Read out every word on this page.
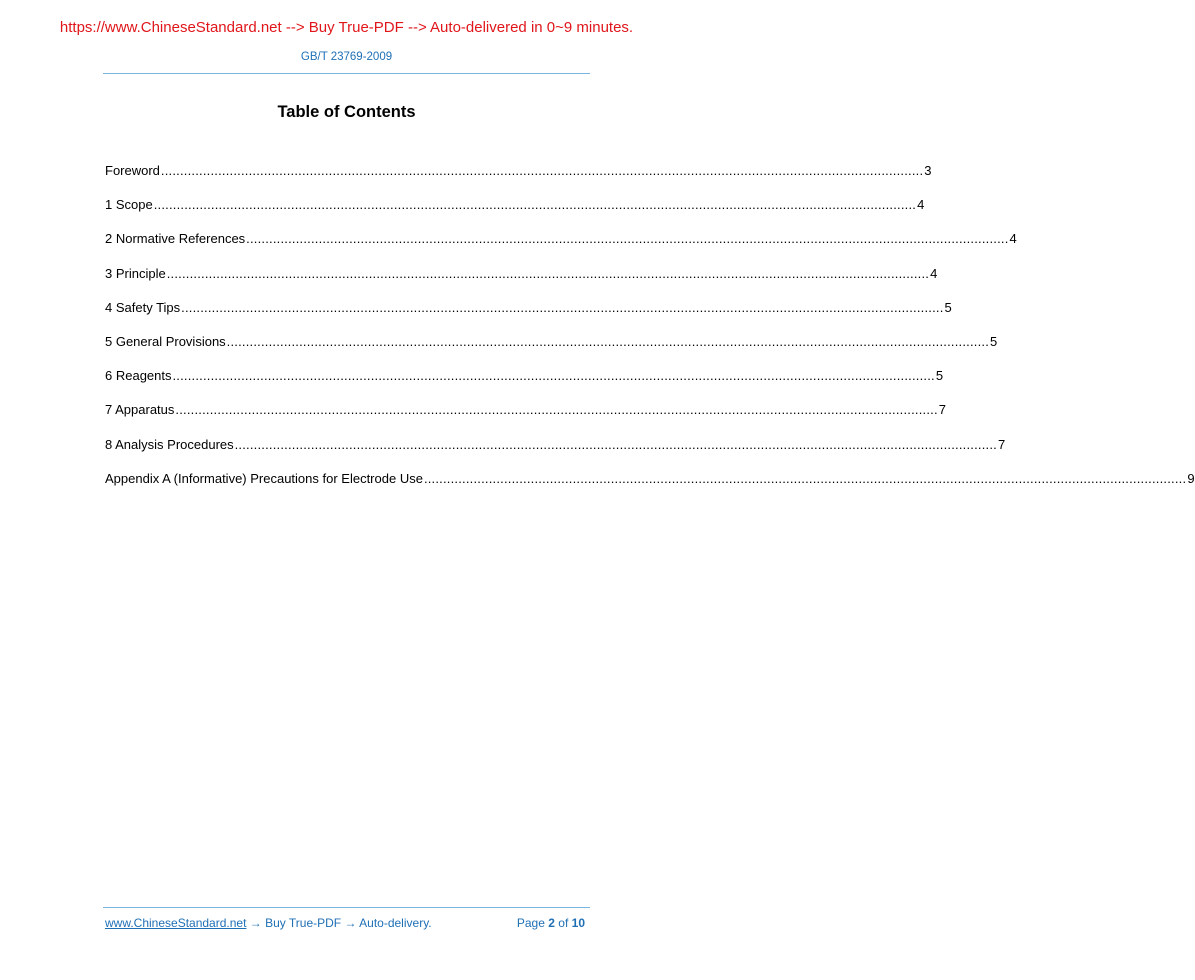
https://www.ChineseStandard.net --> Buy True-PDF --> Auto-delivered in 0~9 minutes.
GB/T 23769-2009
Table of Contents
Foreword ........................................................................................................................................................................................................ 3
1 Scope ........................................................................................................................................................................................................ 4
2 Normative References ........................................................................................................................................................................................................ 4
3 Principle ........................................................................................................................................................................................................ 4
4 Safety Tips ........................................................................................................................................................................................................ 5
5 General Provisions ........................................................................................................................................................................................................ 5
6 Reagents ........................................................................................................................................................................................................ 5
7 Apparatus ........................................................................................................................................................................................................ 7
8 Analysis Procedures ........................................................................................................................................................................................................ 7
Appendix A (Informative) Precautions for Electrode Use ........................................................................................................................................................................................................ 9
www.ChineseStandard.net → Buy True-PDF → Auto-delivery.	Page 2 of 10
